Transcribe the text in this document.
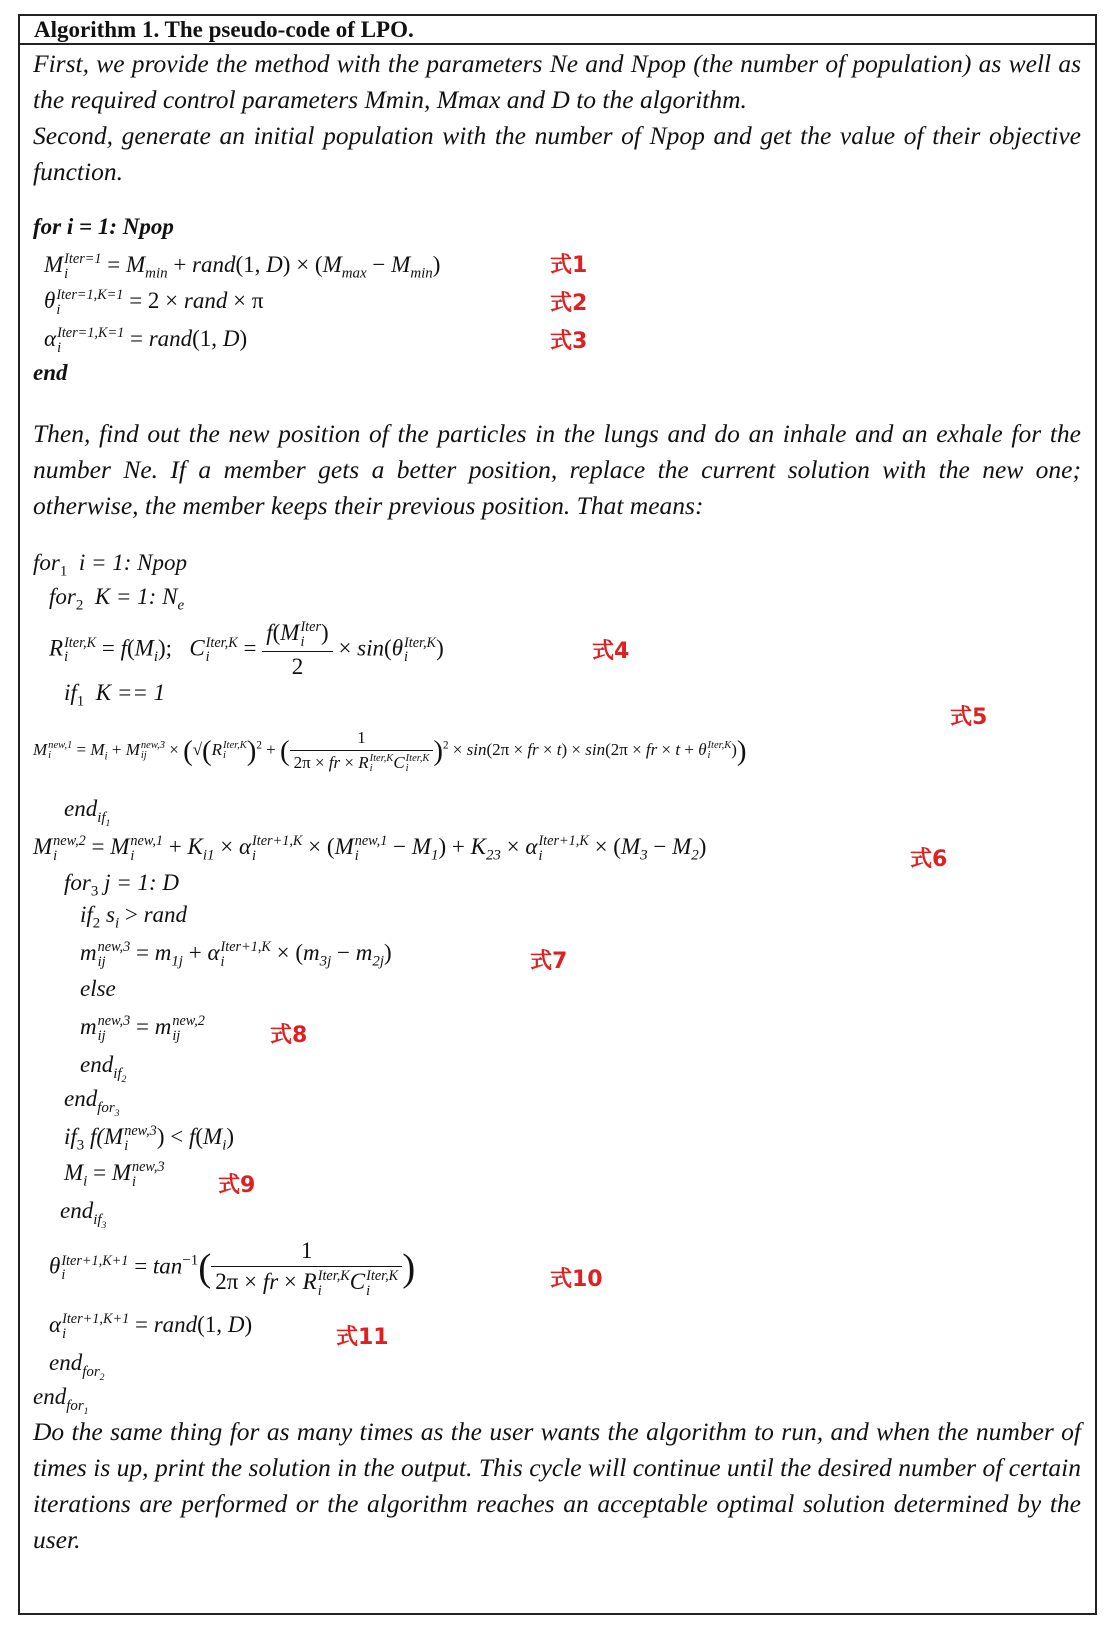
Algorithm 1. The pseudo-code of LPO.
First, we provide the method with the parameters Ne and Npop (the number of population) as well as the required control parameters Mmin, Mmax and D to the algorithm.
Second, generate an initial population with the number of Npop and get the value of their objective function.
for i = 1: Npop
M Iter=1
i	= $M_{min}$ + rand(1, $D) \times (M_{max} - M_{min})$	式1
θ Iter=1,K=1
i	= 2 × rand × π	式2
α Iter=1,K=1
i	= rand(1, D)	式3
end
Then, find out the new position of the particles in the lungs and do an inhale and an exhale for the number Ne. If a member gets a better position, replace the current solution with the new one; otherwise, the member keeps their previous position. That means:
for$_1$ i = 1: Npop
for$_2$ K = 1: $N_e$
R Iter,K
i	= $f(M_i)$;   C Iter,K
i	= f(M Iter
i )
2 × sin(θ Iter,K
i	)	式4
$if_1$ K == 1
式5
M new,1
i	= $M_i + M$ new,3
ij	× (√(R Iter,K
i )$^2$ + ( 1
2π × fr × R Iter,K
i	C Iter,K
i )$^2$ × sin(2π × fr × t) × sin(2π × fr × t + θ Iter,K
i	))
end$_{if_1}$
M new,2
i	= M new,1
i	+ $K_{i1} \times \alpha$ Iter+1,K
i	× (M new,1
i	− $M_1) + K_{23} \times \alpha$ Iter+1,K
i	× $(M_3 - M_2)$
式6
for$_3$ j = 1: D
$if_2$ $s_i$ > rand
m new,3
ij	= $m_{1j} + \alpha$ Iter+1,K
i	× $(m_{3j} - m_{2j})$	式7
else
m new,3
ij	= m new,2
ij	式8
end$_{if_2}$
end$_{for_3}$
$if_3$ f(M new,3
i	) < $f(M_i)$
$M_i = M$ new,3
i	式9
end$_{if_3}$
θ Iter+1,K+1
i	= $\tan^{-1}$( 1
2π × fr × R Iter,K
i	C Iter,K
i )	式10
α Iter+1,K+1
i	= rand(1, D)
式11
end$_{for_2}$
end$_{for_1}$
Do the same thing for as many times as the user wants the algorithm to run, and when the number of times is up, print the solution in the output. This cycle will continue until the desired number of certain iterations are performed or the algorithm reaches an acceptable optimal solution determined by the user.
